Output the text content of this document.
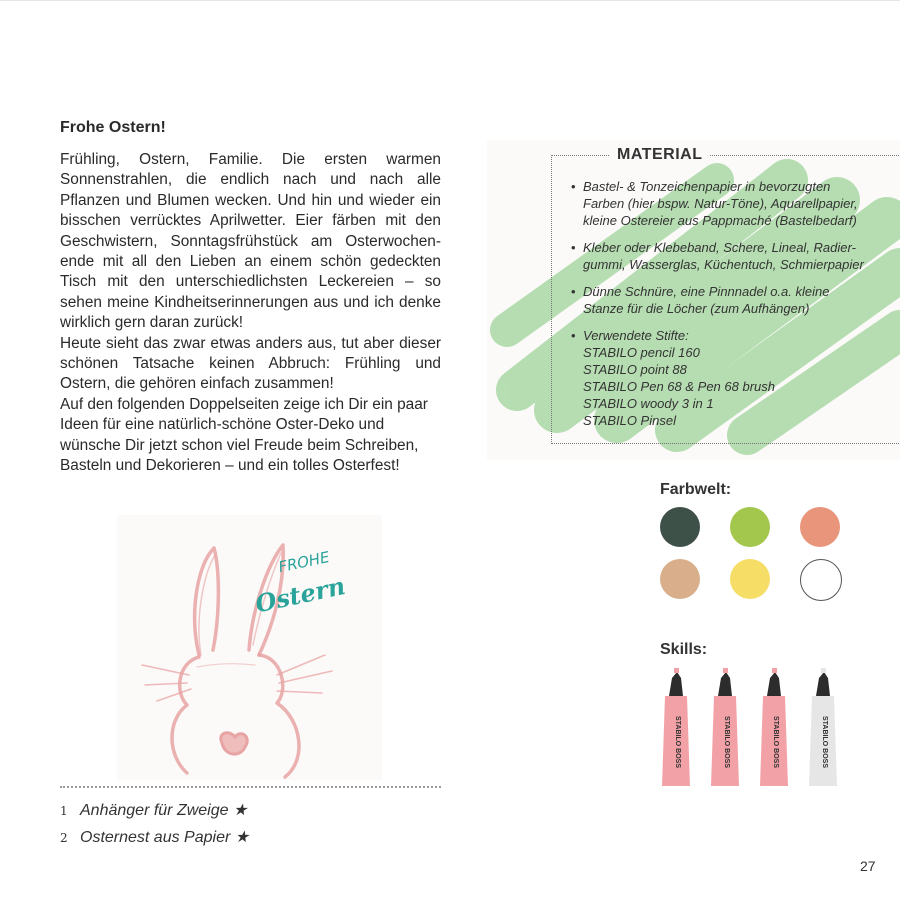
Frohe Ostern!

Frühling, Ostern, Familie. Die ersten warmen Sonnenstrahlen, die endlich nach und nach alle Pflanzen und Blumen wecken. Und hin und wieder ein bisschen verrücktes Aprilwetter. Eier färben mit den Geschwistern, Sonntagsfrühstück am Osterwochen-ende mit all den Lieben an einem schön gedeckten Tisch mit den unterschiedlichsten Leckereien – so sehen meine Kindheitserinnerungen aus und ich denke wirklich gern daran zurück!

Heute sieht das zwar etwas anders aus, tut aber dieser schönen Tatsache keinen Abbruch: Frühling und Ostern, die gehören einfach zusammen!

Auf den folgenden Doppelseiten zeige ich Dir ein paar Ideen für eine natürlich-schöne Oster-Deko und wünsche Dir jetzt schon viel Freude beim Schreiben, Basteln und Dekorieren – und ein tolles Osterfest!

FROHE
Ostern
1 Anhänger für Zweige ★
2 Osternest aus Papier ★
MATERIAL
• Bastel- & Tonzeichenpapier in bevorzugten
Farben (hier bspw. Natur-Töne), Aquarellpapier,
kleine Ostereier aus Pappmaché (Bastelbedarf)
• Kleber oder Klebeband, Schere, Lineal, Radier-
gummi, Wasserglas, Küchentuch, Schmierpapier
• Dünne Schnüre, eine Pinnnadel o.a. kleine
Stanze für die Löcher (zum Aufhängen)
• Verwendete Stifte:
STABILO pencil 160
STABILO point 88
STABILO Pen 68 & Pen 68 brush
STABILO woody 3 in 1
STABILO Pinsel
Farbwelt:
Skills:
STABILO BOSS	STABILO BOSS	STABILO BOSS	STABILO BOSS
27
